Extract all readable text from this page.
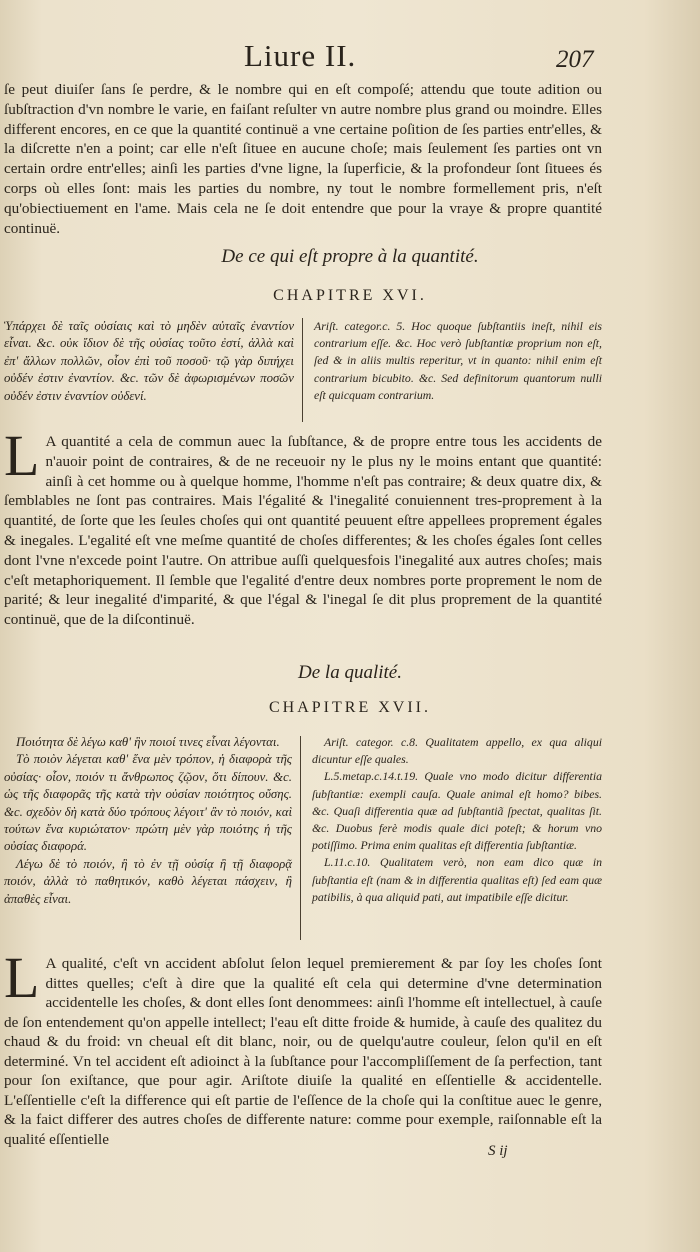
Liure II.	207
ſe peut diuiſer ſans ſe perdre, & le nombre qui en eſt compoſé; attendu que toute adition ou ſubſtraction d'vn nombre le varie, en faiſant reſulter vn autre nombre plus grand ou moindre. Elles different encores, en ce que la quantité continuë a vne certaine poſition de ſes parties entr'elles, & la diſcrette n'en a point; car elle n'eſt ſituee en aucune choſe; mais ſeulement ſes parties ont vn certain ordre entr'elles; ainſi les parties d'vne ligne, la ſuperficie, & la profondeur ſont ſituees és corps où elles ſont: mais les parties du nombre, ny tout le nombre formellement pris, n'eſt qu'obiectiuement en l'ame. Mais cela ne ſe doit entendre que pour la vraye & propre quantité continuë.
De ce qui eſt propre à la quantité.
CHAPITRE XVI.
Ὑπάρχει δὲ ταῖς οὐσίαις καὶ τὸ μηδὲν αὐταῖς ἐναντίον εἶναι. &c. οὐκ ἴδιον δὲ τῆς οὐσίας τοῦτο ἐστί, ἀλλὰ καὶ ἐπ' ἄλλων πολλῶν, οἷον ἐπὶ τοῦ ποσοῦ· τῷ γὰρ διπήχει οὐδέν ἐστιν ἐναντίον. &c. τῶν δὲ ἀφωρισμένων ποσῶν οὐδέν ἐστιν ἐναντίον οὐδενί.
Ariſt. categor.c. 5. Hoc quoque ſubſtantiis ineſt, nihil eis contrarium eſſe. &c. Hoc verò ſubſtantiæ proprium non eſt, ſed & in aliis multis reperitur, vt in quanto: nihil enim eſt contrarium bicubito. &c. Sed definitorum quantorum nulli eſt quicquam contrarium.
L A quantité a cela de commun auec la ſubſtance, & de propre entre tous les accidents de n'auoir point de contraires, & de ne receuoir ny le plus ny le moins entant que quantité: ainſi à cet homme ou à quelque homme, l'homme n'eſt pas contraire; & deux quatre dix, & ſemblables ne ſont pas contraires. Mais l'égalité & l'inegalité conuiennent tres-proprement à la quantité, de ſorte que les ſeules choſes qui ont quantité peuuent eſtre appellees proprement égales & inegales. L'egalité eſt vne meſme quantité de choſes differentes; & les choſes égales ſont celles dont l'vne n'excede point l'autre. On attribue auſſi quelquesfois l'inegalité aux autres choſes; mais c'eſt metaphoriquement. Il ſemble que l'egalité d'entre deux nombres porte proprement le nom de parité; & leur inegalité d'imparité, & que l'égal & l'inegal ſe dit plus proprement de la quantité continuë, que de la diſcontinuë.
De la qualité.
CHAPITRE XVII.

Ποιότητα δὲ λέγω καθ' ἣν ποιοί τινες εἶναι λέγονται.

Τὸ ποιὸν λέγεται καθ' ἕνα μὲν τρόπον, ἡ διαφορὰ τῆς οὐσίας· οἷον, ποιόν τι ἄνθρωπος ζῷον, ὅτι δίπουν. &c. ὡς τῆς διαφορᾶς τῆς κατὰ τὴν οὐσίαν ποιότητος οὔσης. &c. σχεδὸν δὴ κατὰ δύο τρόπους λέγοιτ' ἂν τὸ ποιόν, καὶ τούτων ἕνα κυριώτατον· πρώτη μὲν γὰρ ποιότης ἡ τῆς οὐσίας διαφορά.

Λέγω δὲ τὸ ποιόν, ἢ τὸ ἐν τῇ οὐσίᾳ ἢ τῇ διαφορᾷ ποιόν, ἀλλὰ τὸ παθητικόν, καθὸ λέγεται πάσχειν, ἢ ἀπαθὲς εἶναι.

Ariſt. categor. c.8. Qualitatem appello, ex qua aliqui dicuntur eſſe quales.

L.5.metap.c.14.t.19. Quale vno modo dicitur differentia ſubſtantiæ: exempli cauſa. Quale animal eſt homo? bibes. &c. Quaſi differentia quæ ad ſubſtantiã ſpectat, qualitas ſit. &c. Duobus ferè modis quale dici poteſt; & horum vno potiſſimo. Prima enim qualitas eſt differentia ſubſtantiæ.

L.11.c.10. Qualitatem verò, non eam dico quæ in ſubſtantia eſt (nam & in differentia qualitas eſt) ſed eam quæ patibilis, à qua aliquid pati, aut impatibile eſſe dicitur.

L A qualité, c'eſt vn accident abſolut ſelon lequel premierement & par ſoy les choſes ſont dittes quelles; c'eſt à dire que la qualité eſt cela qui determine d'vne determination accidentelle les choſes, & dont elles ſont denommees: ainſi l'homme eſt intellectuel, à cauſe de ſon entendement qu'on appelle intellect; l'eau eſt ditte froide & humide, à cauſe des qualitez du chaud & du froid: vn cheual eſt dit blanc, noir, ou de quelqu'autre couleur, ſelon qu'il en eſt determiné. Vn tel accident eſt adioinct à la ſubſtance pour l'accompliſſement de ſa perfection, tant pour ſon exiſtance, que pour agir. Ariſtote diuiſe la qualité en eſſentielle & accidentelle. L'eſſentielle c'eſt la difference qui eſt partie de l'eſſence de la choſe qui la conſtitue auec le genre, & la faict differer des autres choſes de differente nature: comme pour exemple, raiſonnable eſt la qualité eſſentielle
S ij
